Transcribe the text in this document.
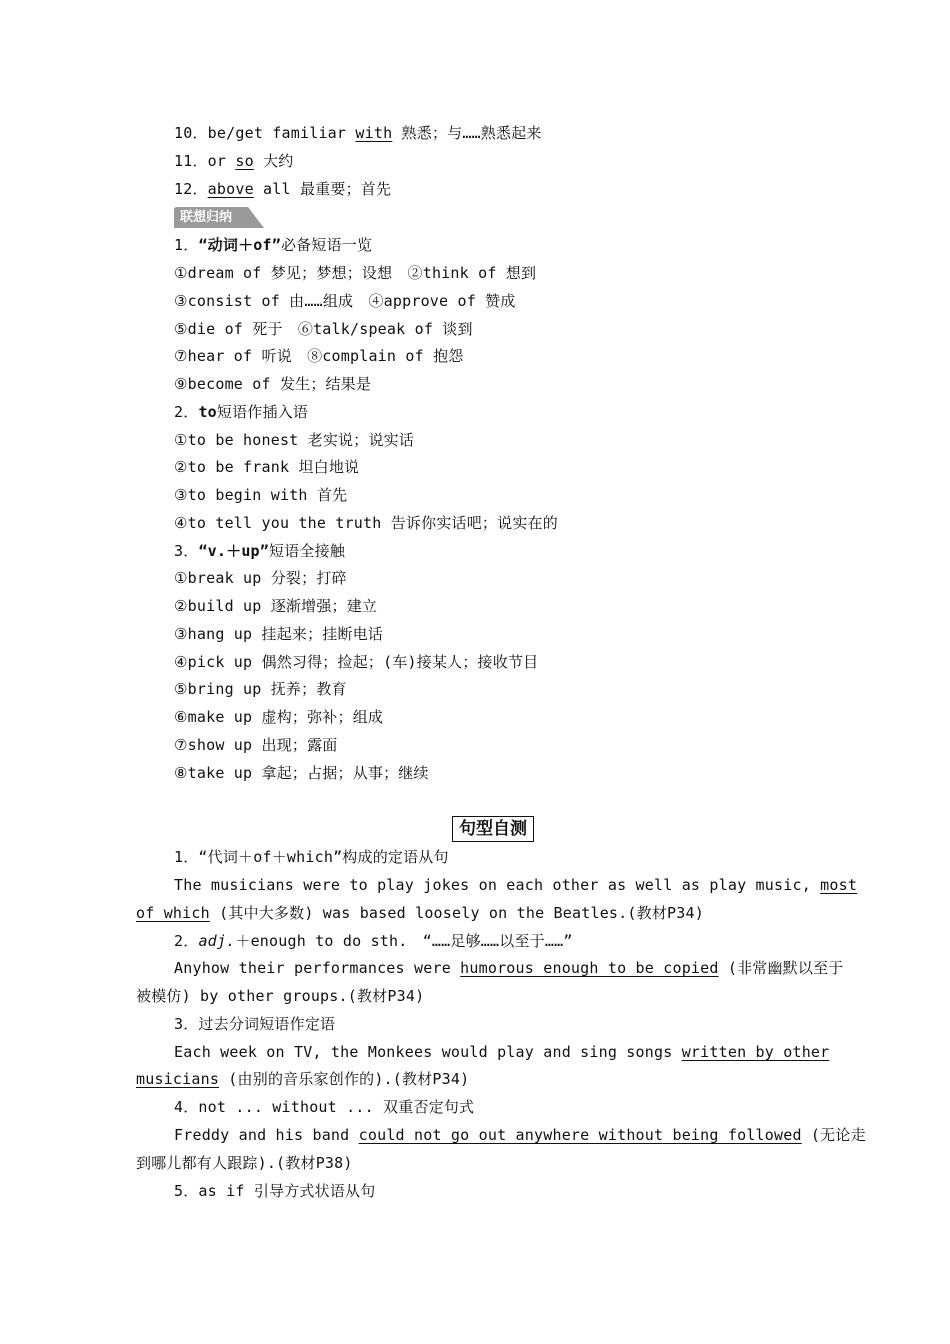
10．be/get familiar with 熟悉；与……熟悉起来
11．or so 大约
12．above all 最重要；首先
联想归纳
1．“动词＋of”必备短语一览
①dream of 梦见；梦想；设想　②think of 想到
③consist of 由……组成　④approve of 赞成
⑤die of 死于　⑥talk/speak of 谈到
⑦hear of 听说　⑧complain of 抱怨
⑨become of 发生；结果是
2．to短语作插入语
①to be honest 老实说；说实话
②to be frank 坦白地说
③to begin with 首先
④to tell you the truth 告诉你实话吧；说实在的
3．“v.＋up”短语全接触
①break up 分裂；打碎
②build up 逐渐增强；建立
③hang up 挂起来；挂断电话
④pick up 偶然习得；捡起；(车)接某人；接收节目
⑤bring up 抚养；教育
⑥make up 虚构；弥补；组成
⑦show up 出现；露面
⑧take up 拿起；占据；从事；继续
句型自测
1．“代词＋of＋which”构成的定语从句
The musicians were to play jokes on each other as well as play music, most
of which (其中大多数) was based loosely on the Beatles.(教材P34)
2．adj.＋enough to do sth.　“……足够……以至于……”
Anyhow their performances were humorous enough to be copied (非常幽默以至于
被模仿) by other groups.(教材P34)
3．过去分词短语作定语
Each week on TV, the Monkees would play and sing songs written by other
musicians (由别的音乐家创作的).(教材P34)
4．not ... without ... 双重否定句式
Freddy and his band could not go out anywhere without being followed (无论走
到哪儿都有人跟踪).(教材P38)
5．as if 引导方式状语从句
